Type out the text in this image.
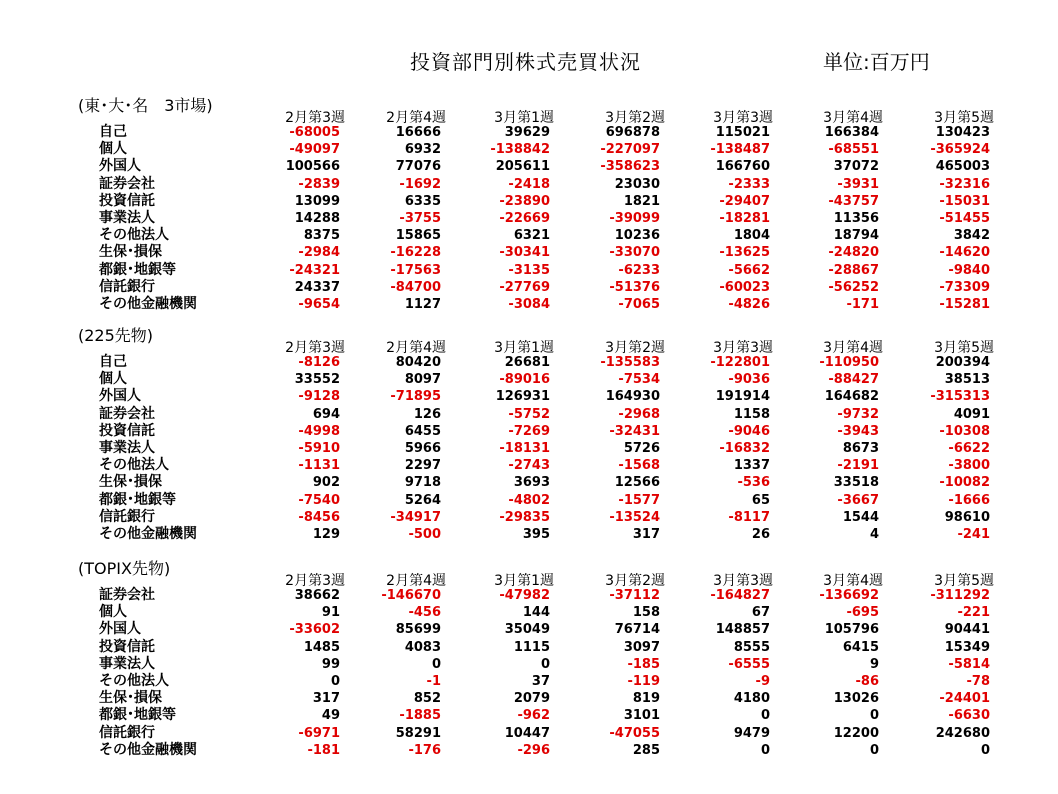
投資部門別株式売買状況	単位:百万円
(東･大･名　3市場)
2月第3週	2月第4週	3月第1週	3月第2週	3月第3週	3月第4週	3月第5週
自己	-68005	16666	39629	696878	115021	166384	130423
個人	-49097	6932	-138842	-227097	-138487	-68551	-365924
外国人	100566	77076	205611	-358623	166760	37072	465003
証券会社	-2839	-1692	-2418	23030	-2333	-3931	-32316
投資信託	13099	6335	-23890	1821	-29407	-43757	-15031
事業法人	14288	-3755	-22669	-39099	-18281	11356	-51455
その他法人	8375	15865	6321	10236	1804	18794	3842
生保･損保	-2984	-16228	-30341	-33070	-13625	-24820	-14620
都銀･地銀等	-24321	-17563	-3135	-6233	-5662	-28867	-9840
信託銀行	24337	-84700	-27769	-51376	-60023	-56252	-73309
その他金融機関	-9654	1127	-3084	-7065	-4826	-171	-15281
(225先物)
2月第3週	2月第4週	3月第1週	3月第2週	3月第3週	3月第4週	3月第5週
自己	-8126	80420	26681	-135583	-122801	-110950	200394
個人	33552	8097	-89016	-7534	-9036	-88427	38513
外国人	-9128	-71895	126931	164930	191914	164682	-315313
証券会社	694	126	-5752	-2968	1158	-9732	4091
投資信託	-4998	6455	-7269	-32431	-9046	-3943	-10308
事業法人	-5910	5966	-18131	5726	-16832	8673	-6622
その他法人	-1131	2297	-2743	-1568	1337	-2191	-3800
生保･損保	902	9718	3693	12566	-536	33518	-10082
都銀･地銀等	-7540	5264	-4802	-1577	65	-3667	-1666
信託銀行	-8456	-34917	-29835	-13524	-8117	1544	98610
その他金融機関	129	-500	395	317	26	4	-241
(TOPIX先物)
2月第3週	2月第4週	3月第1週	3月第2週	3月第3週	3月第4週	3月第5週
証券会社	38662	-146670	-47982	-37112	-164827	-136692	-311292
個人	91	-456	144	158	67	-695	-221
外国人	-33602	85699	35049	76714	148857	105796	90441
投資信託	1485	4083	1115	3097	8555	6415	15349
事業法人	99	0	0	-185	-6555	9	-5814
その他法人	0	-1	37	-119	-9	-86	-78
生保･損保	317	852	2079	819	4180	13026	-24401
都銀･地銀等	49	-1885	-962	3101	0	0	-6630
信託銀行	-6971	58291	10447	-47055	9479	12200	242680
その他金融機関	-181	-176	-296	285	0	0	0
